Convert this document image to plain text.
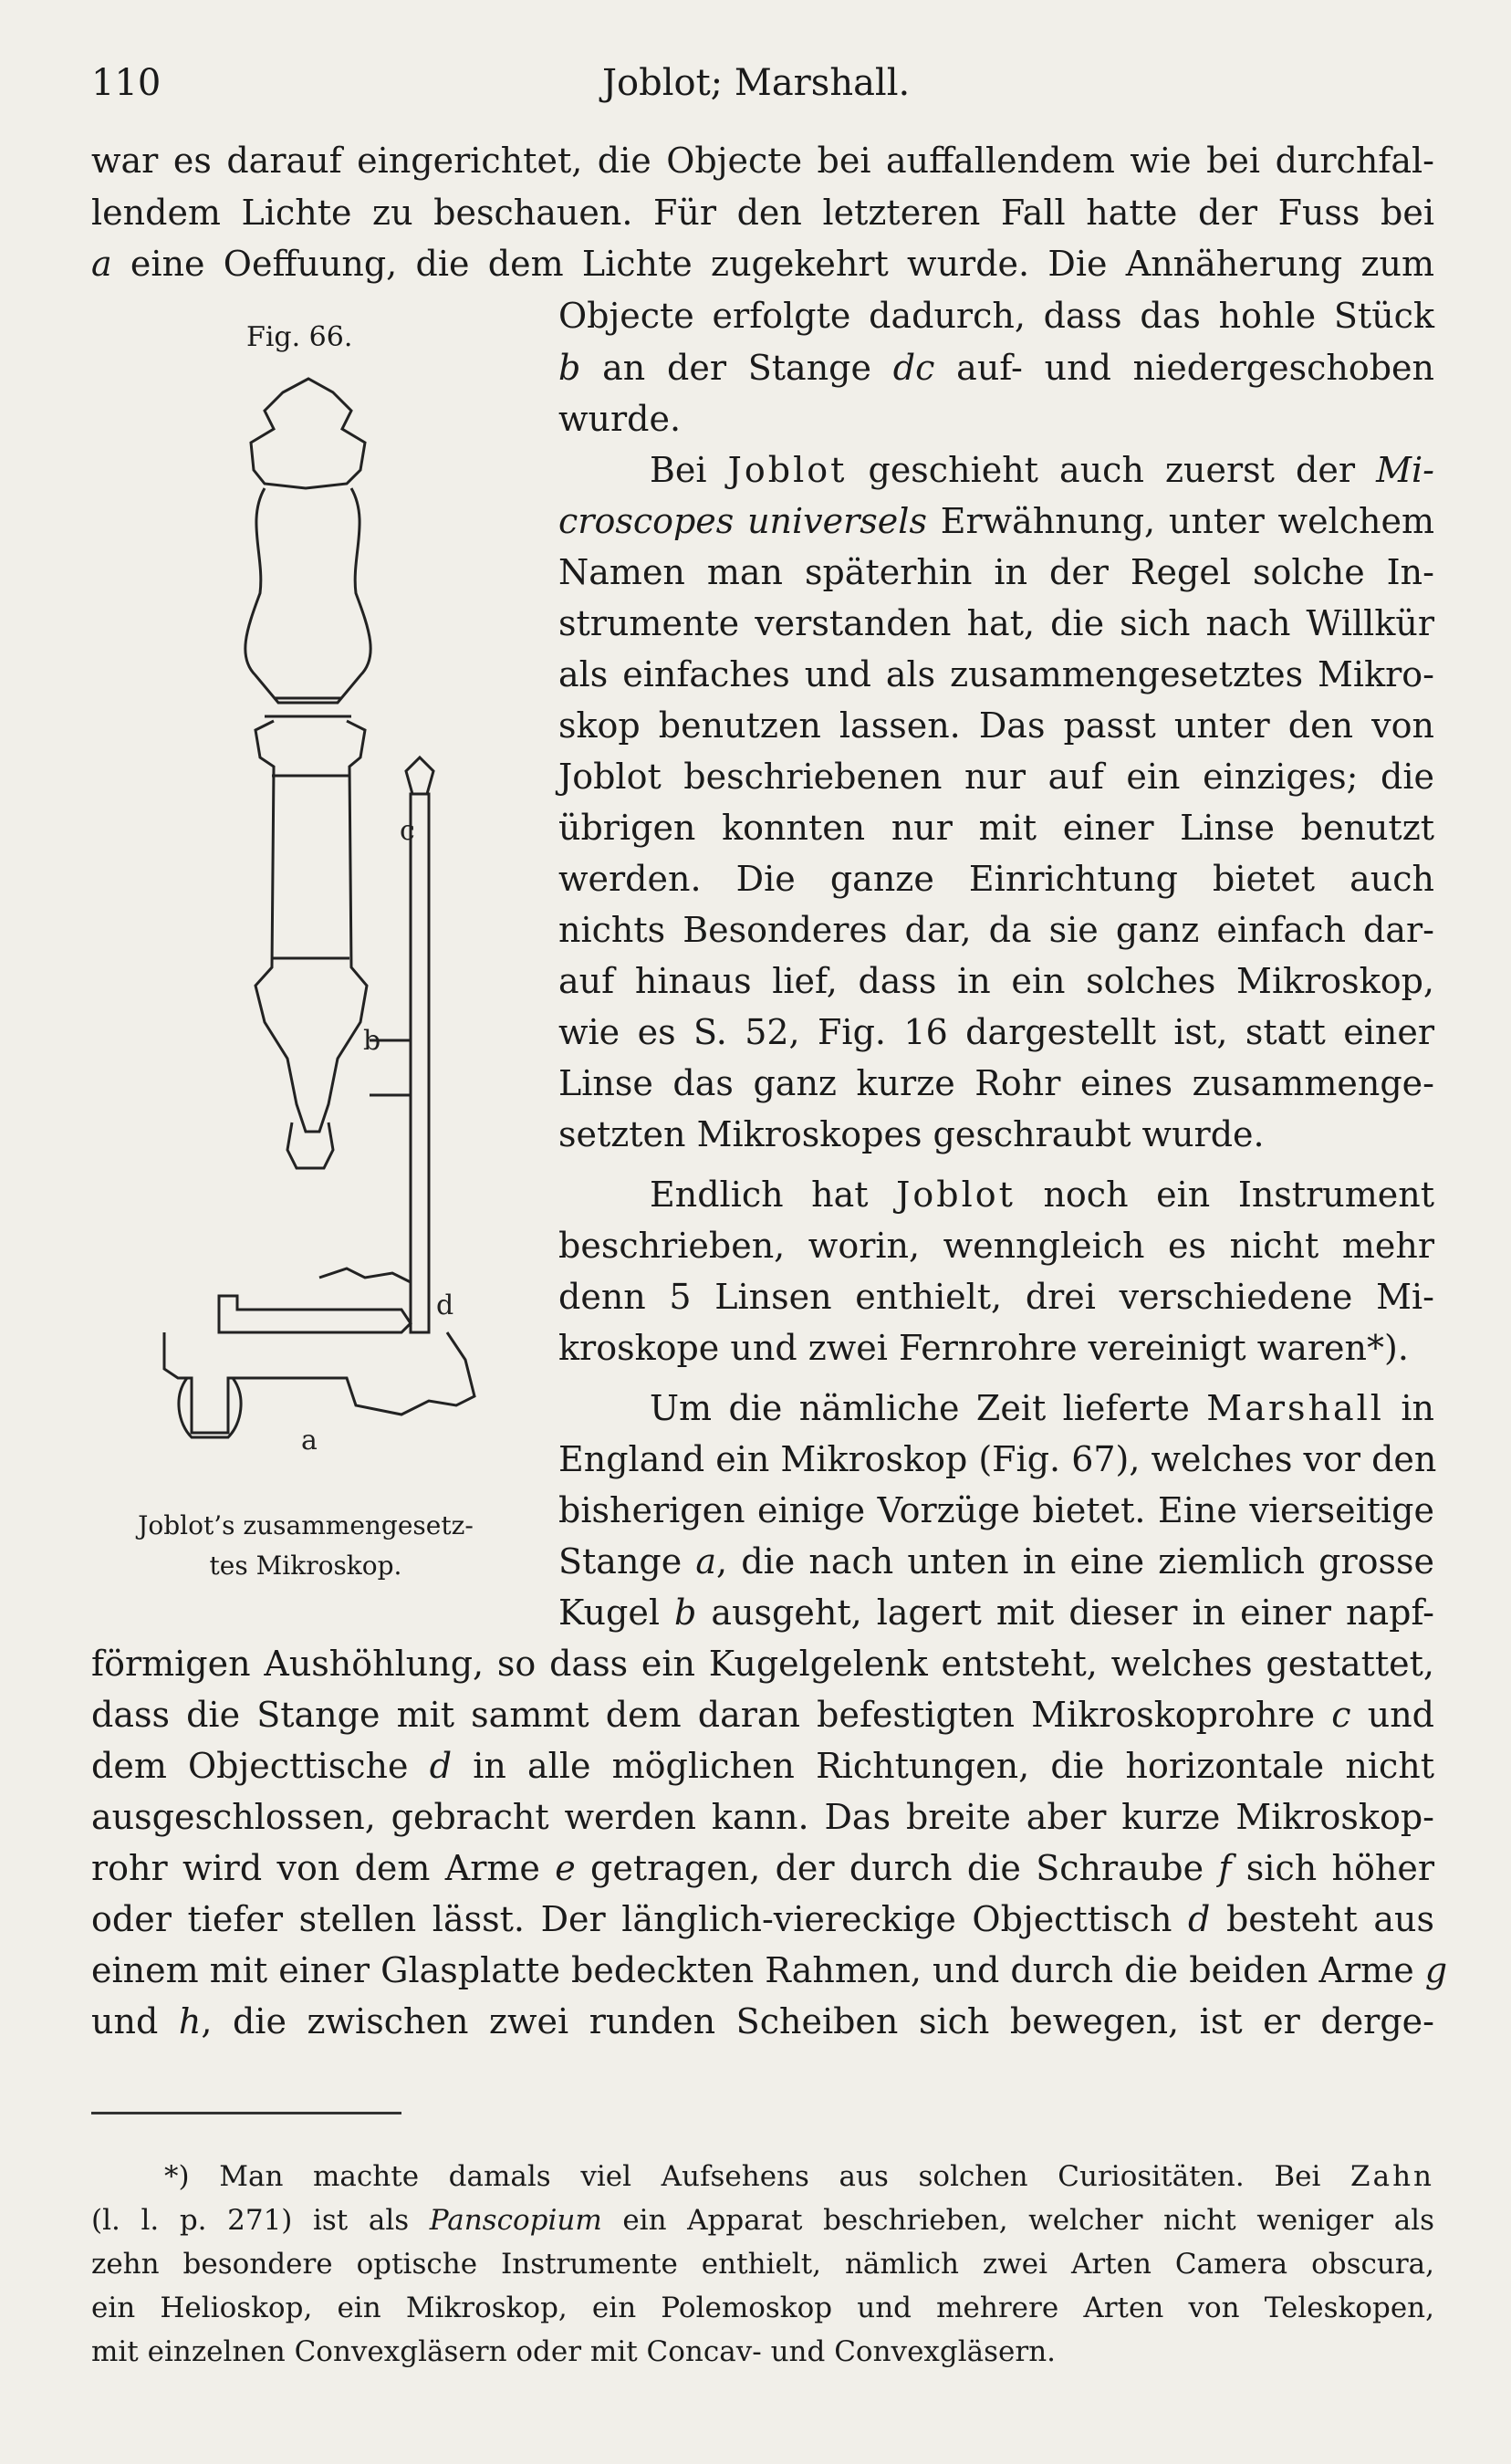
110	Joblot; Marshall.
war es darauf eingerichtet, die Objecte bei auffallendem wie bei durchfal-
lendem Lichte zu beschauen. Für den letzteren Fall hatte der Fuss bei
a eine Oeffuung, die dem Lichte zugekehrt wurde. Die Annäherung zum
Fig. 66.
c
b
d
a
Joblot’s zusammengesetz-
tes Mikroskop.
Objecte erfolgte dadurch, dass das hohle Stück
b an der Stange dc auf- und niedergeschoben
wurde.
Bei Joblot geschieht auch zuerst der Mi-
croscopes universels Erwähnung, unter welchem
Namen man späterhin in der Regel solche In-
strumente verstanden hat, die sich nach Willkür
als einfaches und als zusammengesetztes Mikro-
skop benutzen lassen. Das passt unter den von
Joblot beschriebenen nur auf ein einziges; die
übrigen konnten nur mit einer Linse benutzt
werden. Die ganze Einrichtung bietet auch
nichts Besonderes dar, da sie ganz einfach dar-
auf hinaus lief, dass in ein solches Mikroskop,
wie es S. 52, Fig. 16 dargestellt ist, statt einer
Linse das ganz kurze Rohr eines zusammenge-
setzten Mikroskopes geschraubt wurde.
Endlich hat Joblot noch ein Instrument
beschrieben, worin, wenngleich es nicht mehr
denn 5 Linsen enthielt, drei verschiedene Mi-
kroskope und zwei Fernrohre vereinigt waren*).
Um die nämliche Zeit lieferte Marshall in
England ein Mikroskop (Fig. 67), welches vor den
bisherigen einige Vorzüge bietet. Eine vierseitige
Stange a, die nach unten in eine ziemlich grosse
Kugel b ausgeht, lagert mit dieser in einer napf-
förmigen Aushöhlung, so dass ein Kugelgelenk entsteht, welches gestattet,
dass die Stange mit sammt dem daran befestigten Mikroskoprohre c und
dem Objecttische d in alle möglichen Richtungen, die horizontale nicht
ausgeschlossen, gebracht werden kann. Das breite aber kurze Mikroskop-
rohr wird von dem Arme e getragen, der durch die Schraube f sich höher
oder tiefer stellen lässt. Der länglich-viereckige Objecttisch d besteht aus
einem mit einer Glasplatte bedeckten Rahmen, und durch die beiden Arme g
und h, die zwischen zwei runden Scheiben sich bewegen, ist er derge-
*) Man machte damals viel Aufsehens aus solchen Curiositäten. Bei Zahn
(l. l. p. 271) ist als Panscopium ein Apparat beschrieben, welcher nicht weniger als
zehn besondere optische Instrumente enthielt, nämlich zwei Arten Camera obscura,
ein Helioskop, ein Mikroskop, ein Polemoskop und mehrere Arten von Teleskopen,
mit einzelnen Convexgläsern oder mit Concav- und Convexgläsern.
